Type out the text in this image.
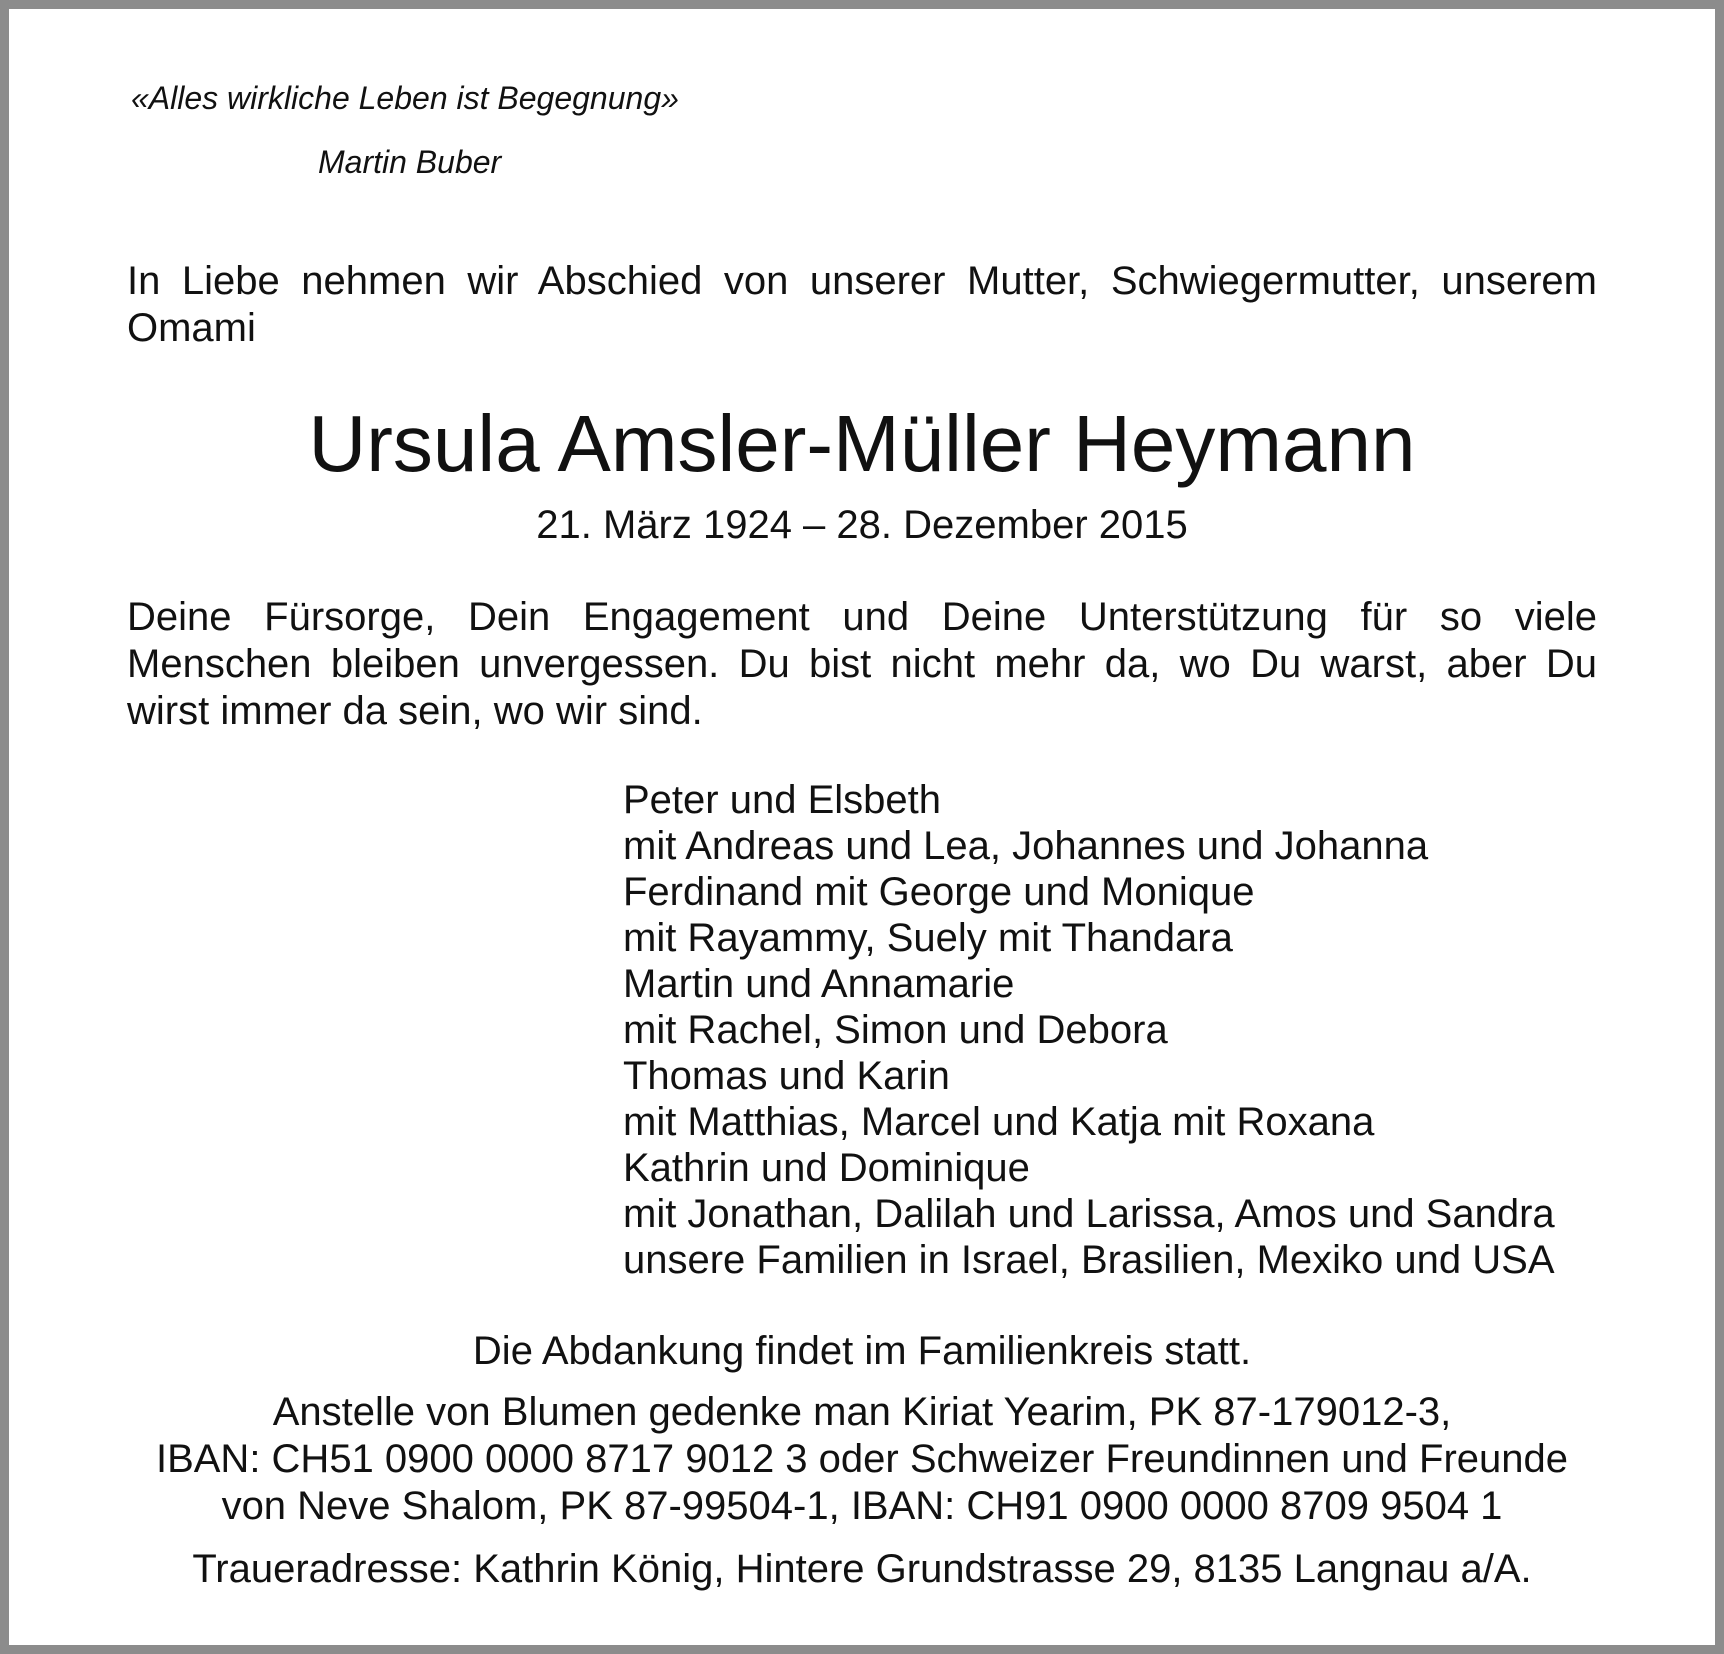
«Alles wirkliche Leben ist Begegnung»
Martin Buber
In Liebe nehmen wir Abschied von unserer Mutter, Schwiegermutter, unserem
Omami
Ursula Amsler-Müller Heymann
21. März 1924 – 28. Dezember 2015
Deine Fürsorge, Dein Engagement und Deine Unterstützung für so viele
Menschen bleiben unvergessen. Du bist nicht mehr da, wo Du warst, aber Du
wirst immer da sein, wo wir sind.
Peter und Elsbeth
mit Andreas und Lea, Johannes und Johanna
Ferdinand mit George und Monique
mit Rayammy, Suely mit Thandara
Martin und Annamarie
mit Rachel, Simon und Debora
Thomas und Karin
mit Matthias, Marcel und Katja mit Roxana
Kathrin und Dominique
mit Jonathan, Dalilah und Larissa, Amos und Sandra
unsere Familien in Israel, Brasilien, Mexiko und USA
Die Abdankung findet im Familienkreis statt.
Anstelle von Blumen gedenke man Kiriat Yearim, PK 87-179012-3,
IBAN: CH51 0900 0000 8717 9012 3 oder Schweizer Freundinnen und Freunde
von Neve Shalom, PK 87-99504-1, IBAN: CH91 0900 0000 8709 9504 1
Traueradresse: Kathrin König, Hintere Grundstrasse 29, 8135 Langnau a/A.
